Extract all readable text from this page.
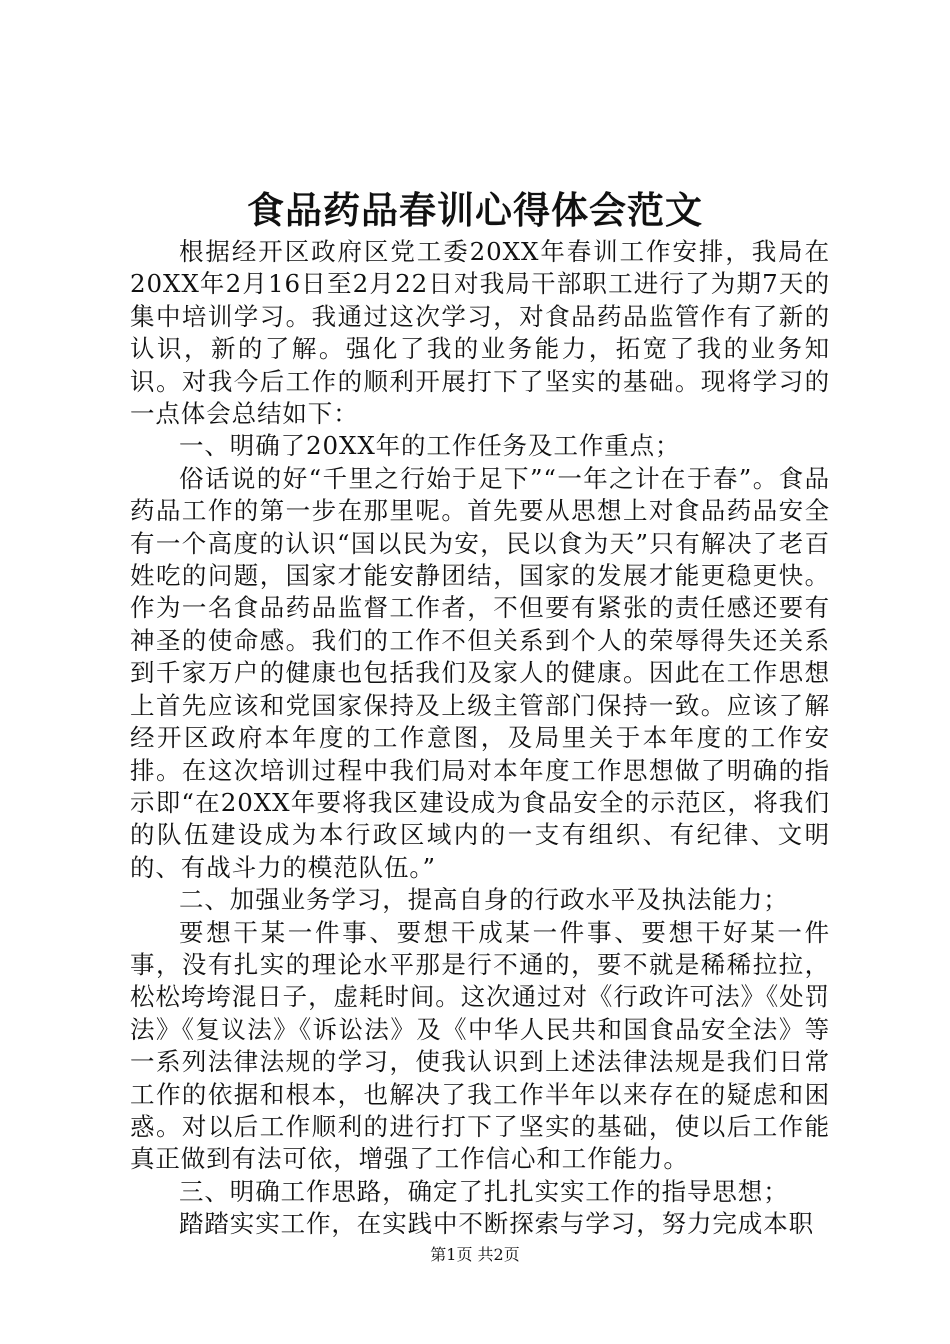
食品药品春训心得体会范文

根据经开区政府区党工委20XX年春训工作安排，我局在20XX年2月16日至2月22日对我局干部职工进行了为期7天的集中培训学习。我通过这次学习，对食品药品监管作有了新的认识，新的了解。强化了我的业务能力，拓宽了我的业务知识。对我今后工作的顺利开展打下了坚实的基础。现将学习的一点体会总结如下：

一、明确了20XX年的工作任务及工作重点；

俗话说的好“千里之行始于足下”“一年之计在于春”。食品药品工作的第一步在那里呢。首先要从思想上对食品药品安全有一个高度的认识“国以民为安，民以食为天”只有解决了老百姓吃的问题，国家才能安静团结，国家的发展才能更稳更快。作为一名食品药品监督工作者，不但要有紧张的责任感还要有神圣的使命感。我们的工作不但关系到个人的荣辱得失还关系到千家万户的健康也包括我们及家人的健康。因此在工作思想上首先应该和党国家保持及上级主管部门保持一致。应该了解经开区政府本年度的工作意图，及局里关于本年度的工作安排。在这次培训过程中我们局对本年度工作思想做了明确的指示即“在20XX年要将我区建设成为食品安全的示范区，将我们的队伍建设成为本行政区域内的一支有组织、有纪律、文明的、有战斗力的模范队伍。”

二、加强业务学习，提高自身的行政水平及执法能力；

要想干某一件事、要想干成某一件事、要想干好某一件事，没有扎实的理论水平那是行不通的，要不就是稀稀拉拉，松松垮垮混日子，虚耗时间。这次通过对《行政许可法》《处罚法》《复议法》《诉讼法》及《中华人民共和国食品安全法》等一系列法律法规的学习，使我认识到上述法律法规是我们日常工作的依据和根本，也解决了我工作半年以来存在的疑虑和困惑。对以后工作顺利的进行打下了坚实的基础，使以后工作能真正做到有法可依，增强了工作信心和工作能力。

三、明确工作思路，确定了扎扎实实工作的指导思想；

踏踏实实工作，在实践中不断探索与学习，努力完成本职

第1页 共2页
